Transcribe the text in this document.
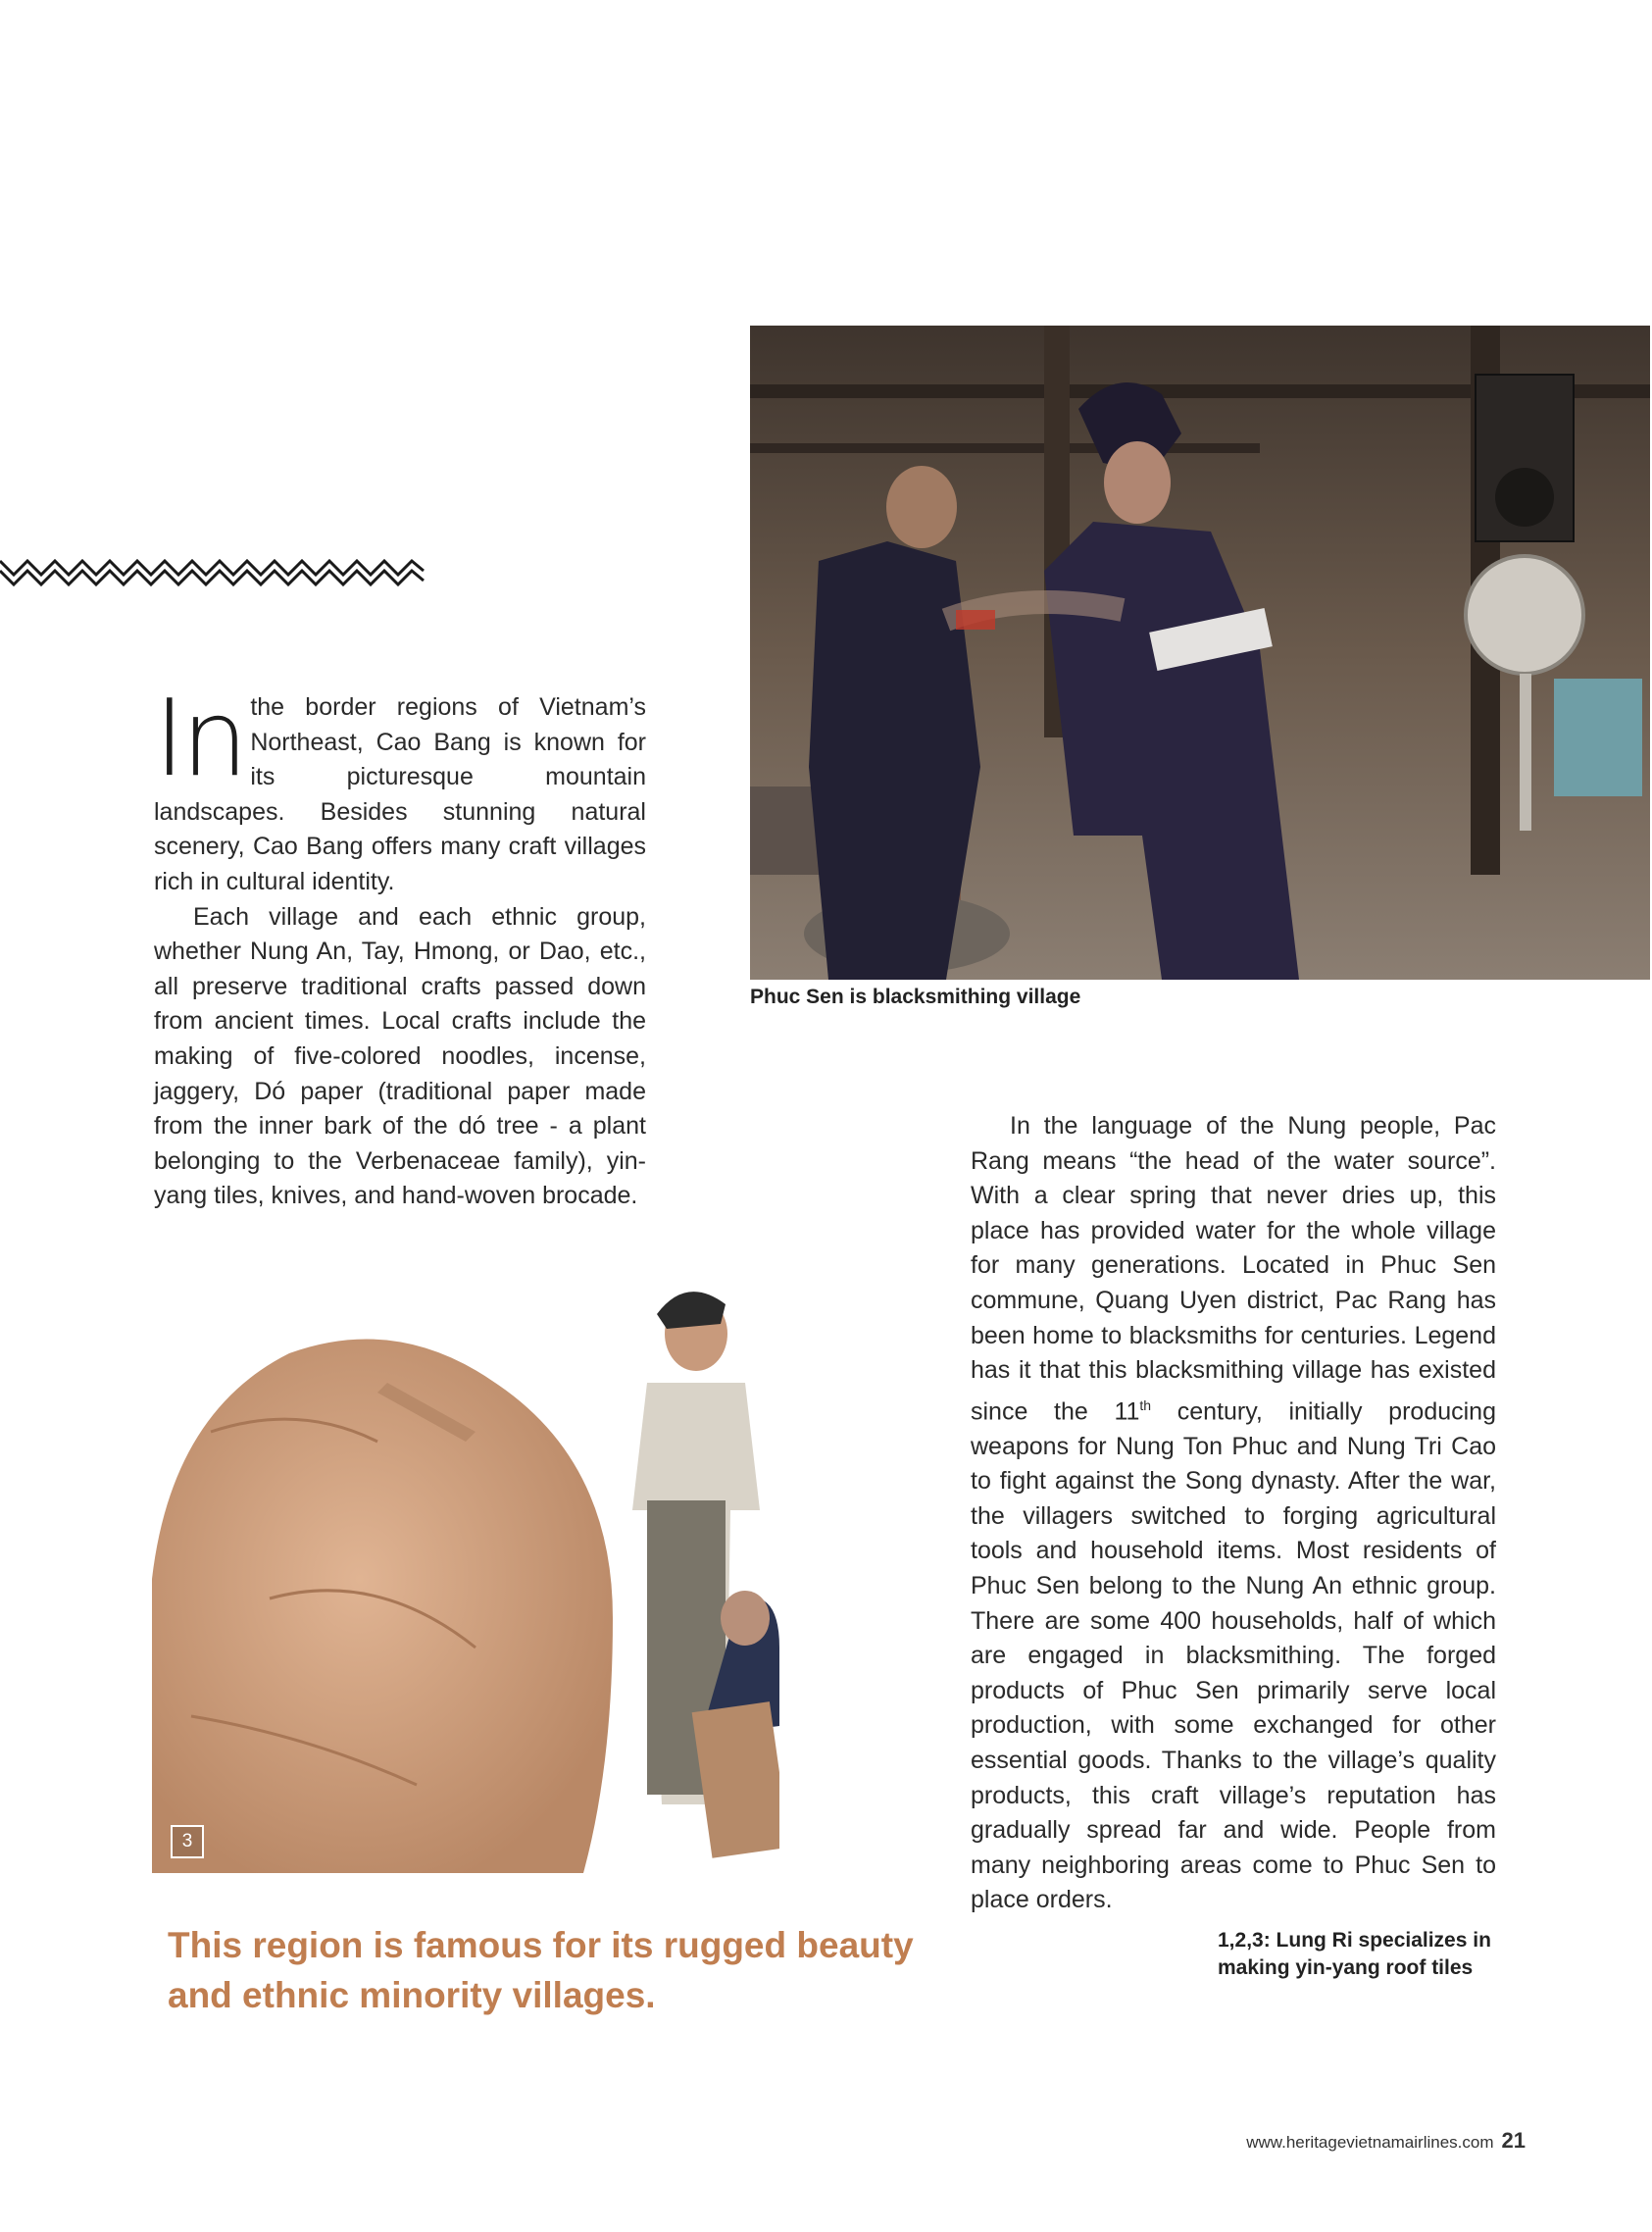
Phuc Sen is blacksmithing village

In the border regions of Vietnam’s Northeast, Cao Bang is known for its picturesque mountain landscapes. Besides stunning natural scenery, Cao Bang offers many craft villages rich in cultural identity.

Each village and each ethnic group, whether Nung An, Tay, Hmong, or Dao, etc., all preserve traditional crafts passed down from ancient times. Local crafts include the making of five-colored noodles, incense, jaggery, Dó paper (traditional paper made from the inner bark of the dó tree - a plant belonging to the Verbenaceae family), yin-yang tiles, knives, and hand-woven brocade.

3

In the language of the Nung people, Pac Rang means “the head of the water source”. With a clear spring that never dries up, this place has provided water for the whole village for many generations. Located in Phuc Sen commune, Quang Uyen district, Pac Rang has been home to blacksmiths for centuries. Legend has it that this blacksmithing village has existed since the 11th century, initially producing weapons for Nung Ton Phuc and Nung Tri Cao to fight against the Song dynasty. After the war, the villagers switched to forging agricultural tools and household items. Most residents of Phuc Sen belong to the Nung An ethnic group. There are some 400 households, half of which are engaged in blacksmithing. The forged products of Phuc Sen primarily serve local production, with some exchanged for other essential goods. Thanks to the village’s quality products, this craft village’s reputation has gradually spread far and wide. People from many neighboring areas come to Phuc Sen to place orders.

This region is famous for its rugged beauty and ethnic minority villages.
1,2,3: Lung Ri specializes in making yin-yang roof tiles
www.heritagevietnamairlines.com 21
